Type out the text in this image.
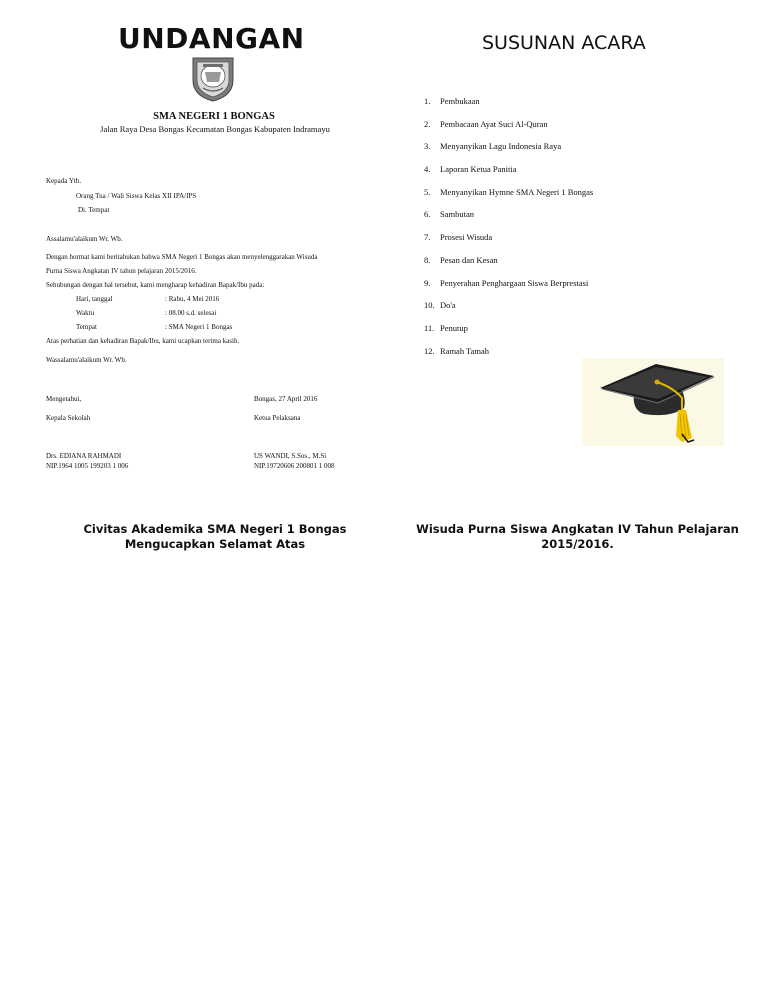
UNDANGAN
SMA NEGERI 1 BONGAS
Jalan Raya Desa Bongas Kecamatan Bongas Kabupaten Indramayu
Kepada Yth.
Orang Tua / Wali Siswa Kelas XII IPA/IPS
Di. Tempat
Assalamu'alaikum Wr. Wb.
Dengan hormat kami beritahukan bahwa SMA Negeri 1 Bongas akan menyelenggarakan Wisuda
Purna Siswa Angkatan IV tahun pelajaran 2015/2016.
Sehubungan dengan hal tersebut, kami mengharap kehadiran Bapak/Ibu pada:
Hari, tanggal	: Rabu, 4 Mei 2016
Waktu	: 08.00 s.d. selesai
Tempat	: SMA Negeri 1 Bongas
Atas perhatian dan kehadiran Bapak/Ibu, kami ucapkan terima kasih.
Wassalamu'alaikum Wr. Wb.
Mengetahui,
Kepala Sekolah
Drs. EDIANA RAHMADI
NIP.1964 1005 199203 1 006
Bongas, 27 April 2016
Ketua Pelaksana
US WANDI, S.Sos., M.Si
NIP.19720606 200801 1 008
SUSUNAN ACARA
1.	Pembukaan
2.	Pembacaan Ayat Suci Al-Quran
3.	Menyanyikan Lagu Indonesia Raya
4.	Laporan Ketua Panitia
5.	Menyanyikan Hymne SMA Negeri 1 Bongas
6.	Sambutan
7.	Prosesi Wisuda
8.	Pesan dan Kesan
9.	Penyerahan Penghargaan Siswa Berprestasi
10. Do'a
11. Penutup
12. Ramah Tamah
Civitas Akademika SMA Negeri 1 Bongas
Mengucapkan Selamat Atas
Wisuda Purna Siswa Angkatan IV Tahun Pelajaran
2015/2016.
